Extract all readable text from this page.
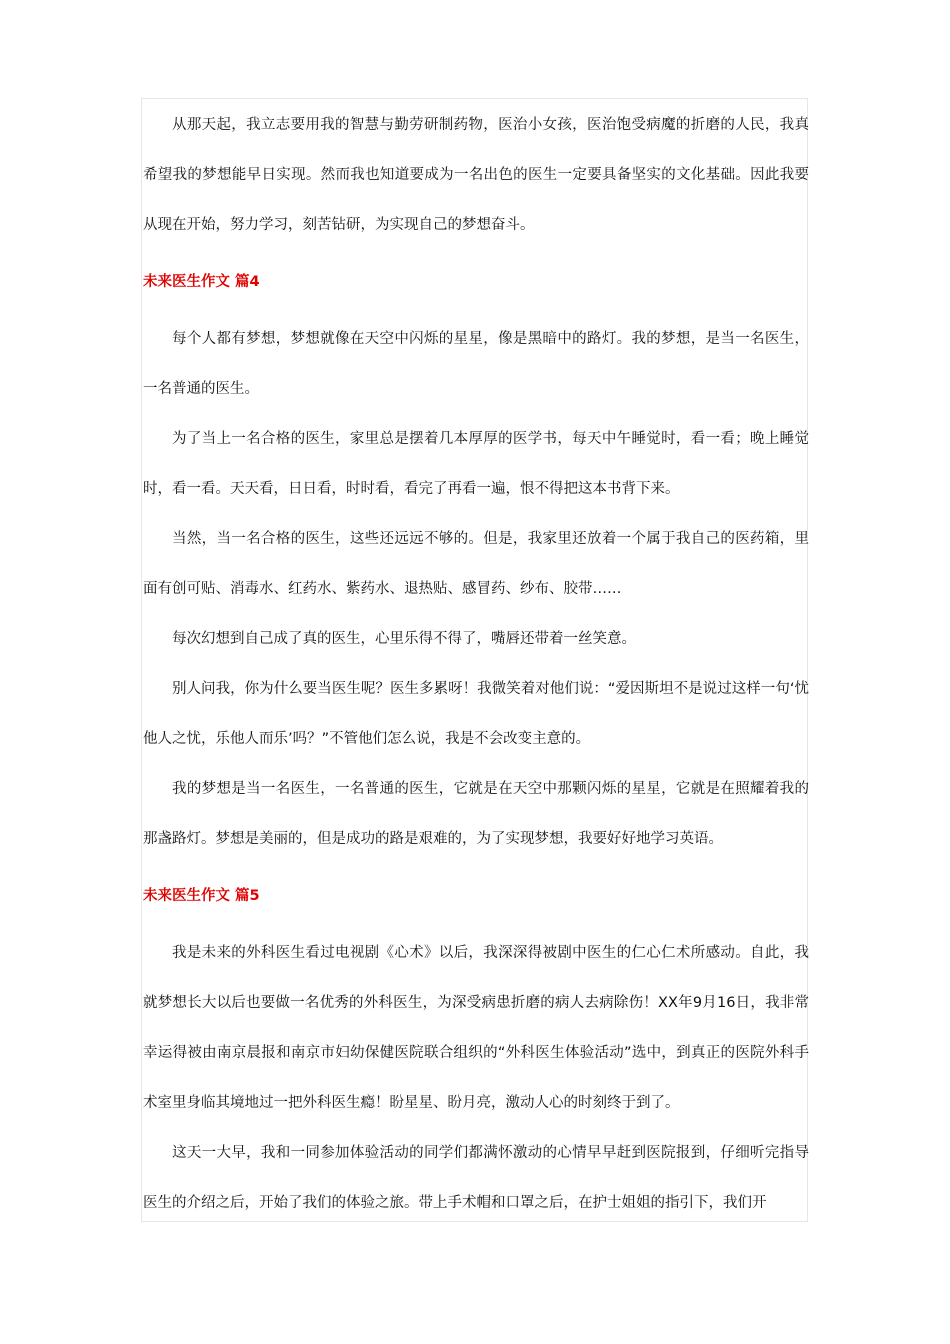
从那天起，我立志要用我的智慧与勤劳研制药物，医治小女孩，医治饱受病魔的折磨的人民，我真希望我的梦想能早日实现。然而我也知道要成为一名出色的医生一定要具备坚实的文化基础。因此我要从现在开始，努力学习，刻苦钻研，为实现自己的梦想奋斗。

未来医生作文 篇4

每个人都有梦想，梦想就像在天空中闪烁的星星，像是黑暗中的路灯。我的梦想，是当一名医生，一名普通的医生。

为了当上一名合格的医生，家里总是摆着几本厚厚的医学书，每天中午睡觉时，看一看；晚上睡觉时，看一看。天天看，日日看，时时看，看完了再看一遍，恨不得把这本书背下来。

当然，当一名合格的医生，这些还远远不够的。但是，我家里还放着一个属于我自己的医药箱，里面有创可贴、消毒水、红药水、紫药水、退热贴、感冒药、纱布、胶带……

每次幻想到自己成了真的医生，心里乐得不得了，嘴唇还带着一丝笑意。

别人问我，你为什么要当医生呢？医生多累呀！我微笑着对他们说：“爱因斯坦不是说过这样一句‘忧他人之忧，乐他人而乐’吗？”不管他们怎么说，我是不会改变主意的。

我的梦想是当一名医生，一名普通的医生，它就是在天空中那颗闪烁的星星，它就是在照耀着我的那盏路灯。梦想是美丽的，但是成功的路是艰难的，为了实现梦想，我要好好地学习英语。

未来医生作文 篇5

我是未来的外科医生看过电视剧《心术》以后，我深深得被剧中医生的仁心仁术所感动。自此，我就梦想长大以后也要做一名优秀的外科医生，为深受病患折磨的病人去病除伤！XX年9月16日，我非常幸运得被由南京晨报和南京市妇幼保健医院联合组织的“外科医生体验活动”选中，到真正的医院外科手术室里身临其境地过一把外科医生瘾！盼星星、盼月亮，激动人心的时刻终于到了。

这天一大早，我和一同参加体验活动的同学们都满怀激动的心情早早赶到医院报到，仔细听完指导医生的介绍之后，开始了我们的体验之旅。带上手术帽和口罩之后，在护士姐姐的指引下，我们开
